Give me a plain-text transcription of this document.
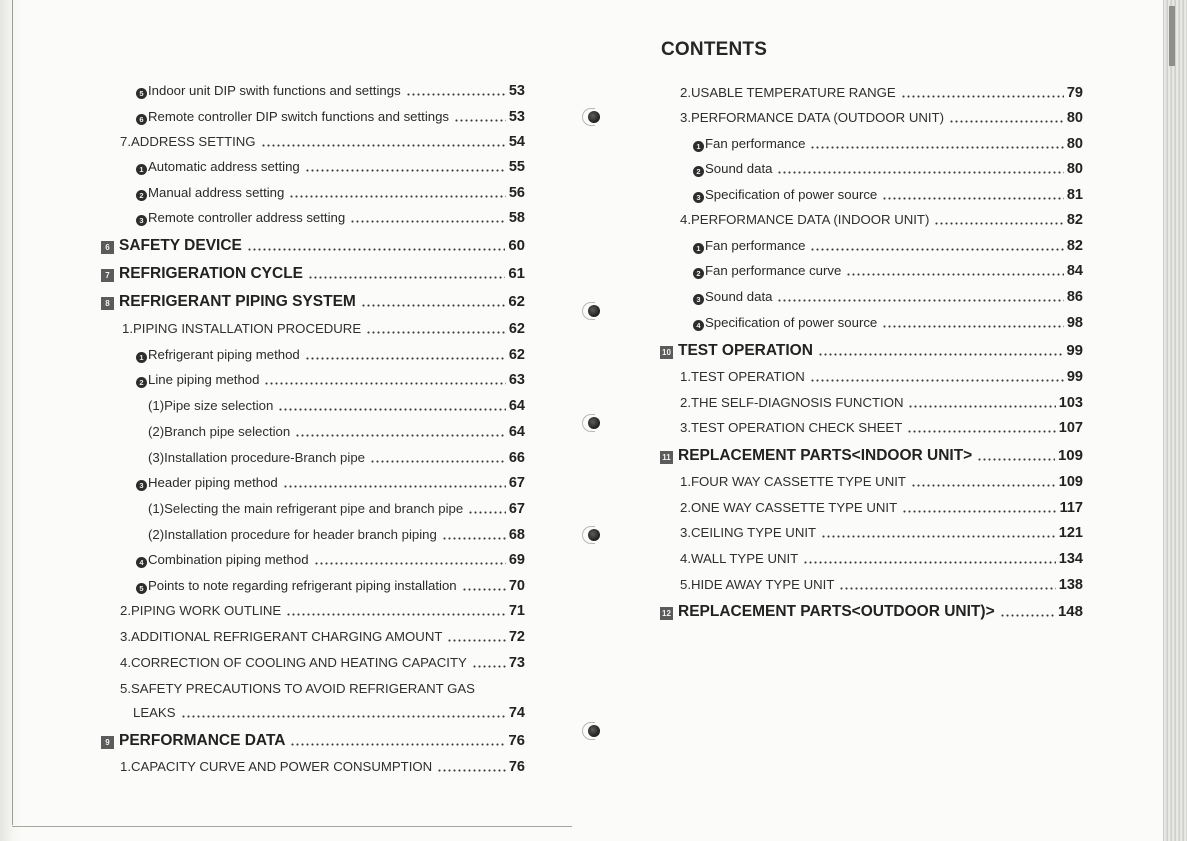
CONTENTS
5 Indoor unit DIP swith functions and settings	53
6 Remote controller DIP switch functions and settings	53
7.ADDRESS SETTING	54
1 Automatic address setting	55
2 Manual address setting	56
3 Remote controller address setting	58
6 SAFETY DEVICE	60
7 REFRIGERATION CYCLE	61
8 REFRIGERANT PIPING SYSTEM	62
1.PIPING INSTALLATION PROCEDURE	62
1 Refrigerant piping method	62
2 Line piping method	63
(1)Pipe size selection	64
(2)Branch pipe selection	64
(3)Installation procedure-Branch pipe	66
3 Header piping method	67
(1)Selecting the main refrigerant pipe and branch pipe	67
(2)Installation procedure for header branch piping	68
4 Combination piping method	69
5 Points to note regarding refrigerant piping installation	70
2.PIPING WORK OUTLINE	71
3.ADDITIONAL REFRIGERANT CHARGING AMOUNT	72
4.CORRECTION OF COOLING AND HEATING CAPACITY	73
5.SAFETY PRECAUTIONS TO AVOID REFRIGERANT GAS
LEAKS	74
9 PERFORMANCE DATA	76
1.CAPACITY CURVE AND POWER CONSUMPTION	76
2.USABLE TEMPERATURE RANGE	79
3.PERFORMANCE DATA (OUTDOOR UNIT)	80
1 Fan performance	80
2 Sound data	80
3 Specification of power source	81
4.PERFORMANCE DATA (INDOOR UNIT)	82
1 Fan performance	82
2 Fan performance curve	84
3 Sound data	86
4 Specification of power source	98
10 TEST OPERATION	99
1.TEST OPERATION	99
2.THE SELF-DIAGNOSIS FUNCTION	103
3.TEST OPERATION CHECK SHEET	107
11 REPLACEMENT PARTS<INDOOR UNIT>	109
1.FOUR WAY CASSETTE TYPE UNIT	109
2.ONE WAY CASSETTE TYPE UNIT	117
3.CEILING TYPE UNIT	121
4.WALL TYPE UNIT	134
5.HIDE AWAY TYPE UNIT	138
12 REPLACEMENT PARTS<OUTDOOR UNIT)>	148
